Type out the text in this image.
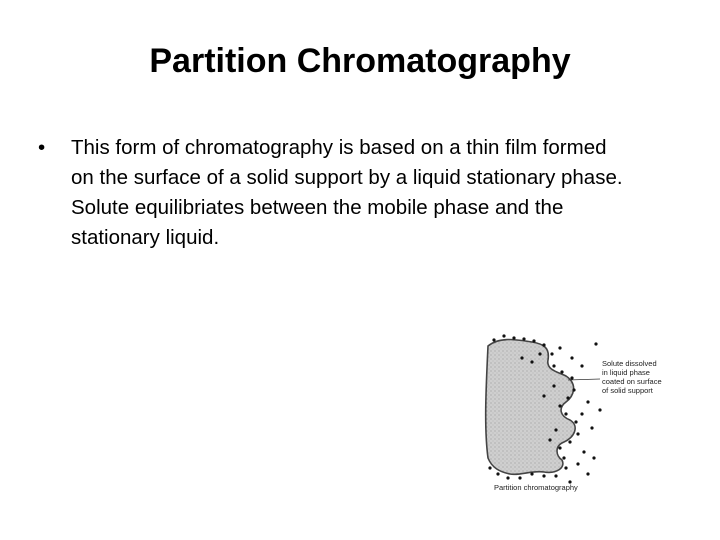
Partition Chromatography
• This form of chromatography is based on a thin film formed on the surface of a solid support by a liquid stationary phase. Solute equilibriates between the mobile phase and the stationary liquid.
Solute dissolved
in liquid phase
coated on surface
of solid support
Partition chromatography
